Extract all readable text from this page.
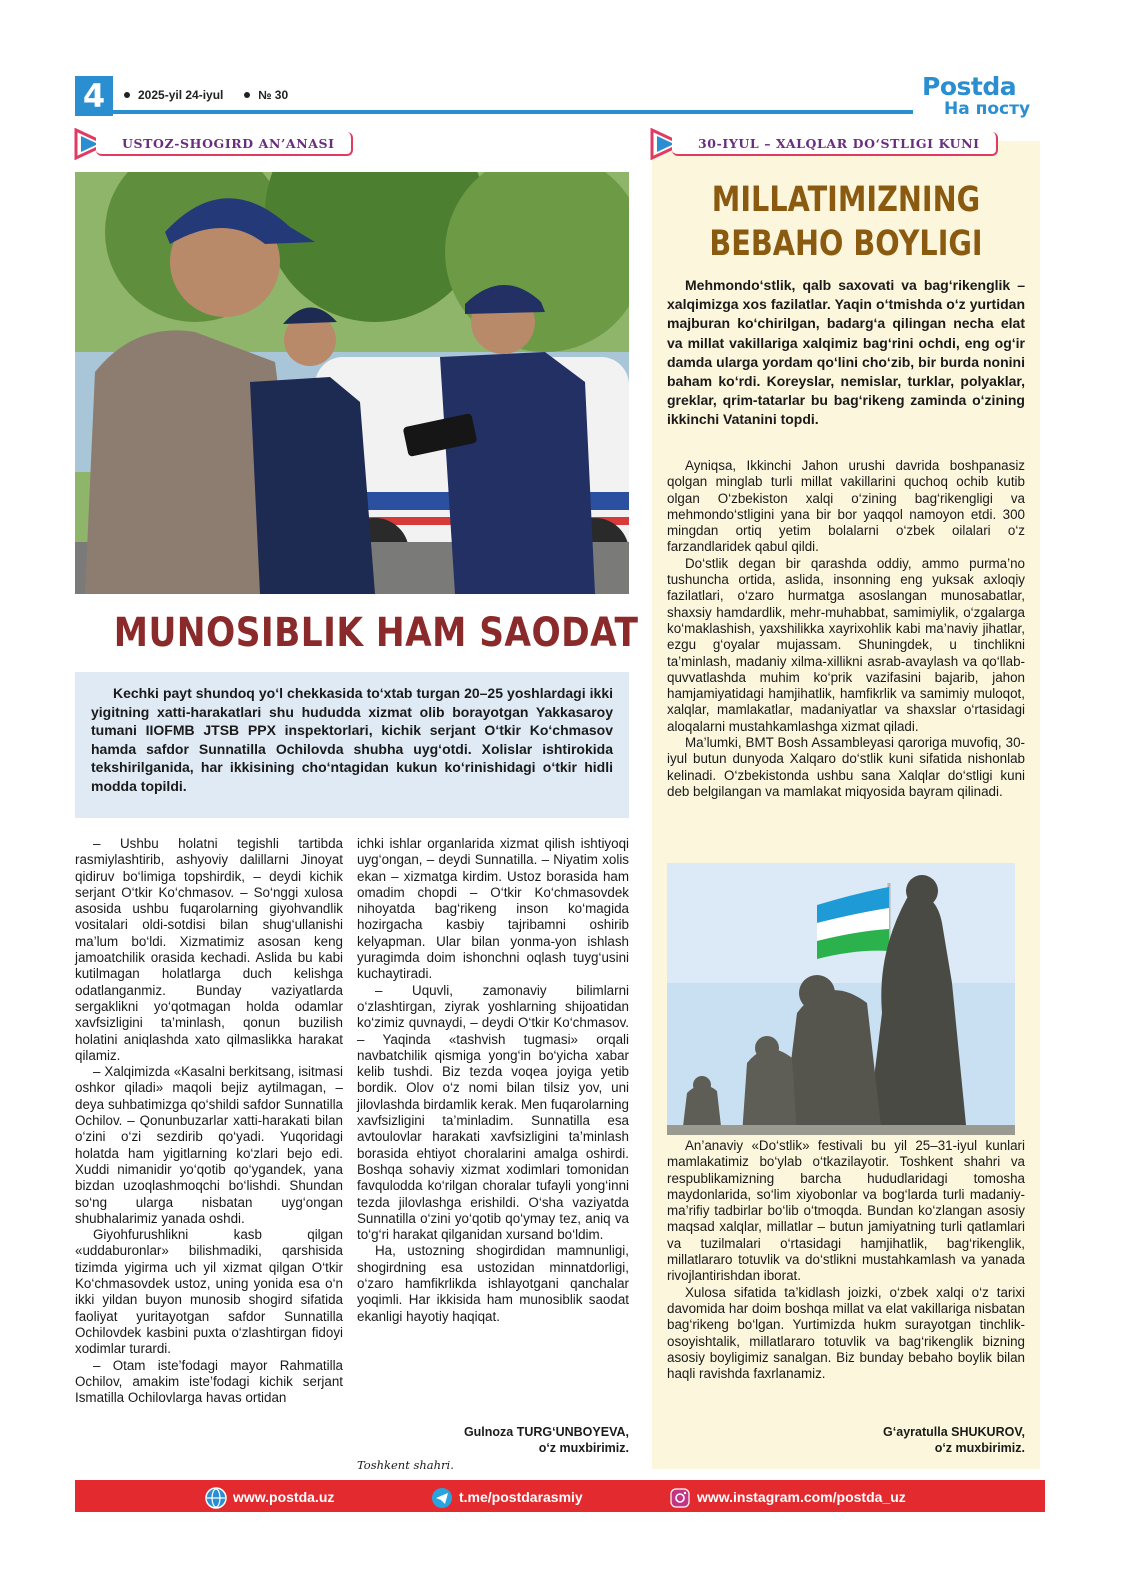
4	2025-yil 24-iyul	№ 30	Postda
На посту
USTOZ-SHOGIRD AN’ANASI
MUNOSIBLIK HAM SAODAT
Kechki payt shundoq yo‘l chekkasida to‘xtab turgan 20–25 yoshlardagi ikki yigitning xatti-harakatlari shu hududda xizmat olib borayotgan Yakkasaroy tumani IIOFMB JTSB PPX inspektorlari, kichik serjant O‘tkir Ko‘chmasov hamda safdor Sunnatilla Ochilovda shubha uyg‘otdi. Xolislar ishtirokida tekshirilganida, har ikkisining cho‘ntagidan kukun ko‘rinishidagi o‘tkir hidli modda topildi.

– Ushbu holatni tegishli tartibda rasmiylashtirib, ashyoviy dalillarni Jinoyat qidiruv bo‘limiga topshirdik, – deydi kichik serjant O‘tkir Ko‘chmasov. – So‘nggi xulosa asosida ushbu fuqarolarning giyohvandlik vositalari oldi-sotdisi bilan shug‘ullanishi ma’lum bo‘ldi. Xizmatimiz asosan keng jamoatchilik orasida kechadi. Aslida bu kabi kutilmagan holatlarga duch kelishga odatlanganmiz. Bunday vaziyatlarda sergaklikni yo‘qotmagan holda odamlar xavfsizligini ta’minlash, qonun buzilish holatini aniqlashda xato qilmaslikka harakat qilamiz.

– Xalqimizda «Kasalni berkitsang, isitmasi oshkor qiladi» maqoli bejiz aytilmagan, – deya suhbatimizga qo‘shildi safdor Sunnatilla Ochilov. – Qonunbuzarlar xatti-harakati bilan o‘zini o‘zi sezdirib qo‘yadi. Yuqoridagi holatda ham yigitlarning ko‘zlari bejo edi. Xuddi nimanidir yo‘qotib qo‘ygandek, yana bizdan uzoqlashmoqchi bo‘lishdi. Shundan so‘ng ularga nisbatan uyg‘ongan shubhalarimiz yanada oshdi.

Giyohfurushlikni kasb qilgan «uddaburonlar» bilishmadiki, qarshisida tizimda yigirma uch yil xizmat qilgan O‘tkir Ko‘chmasovdek ustoz, uning yonida esa o‘n ikki yildan buyon munosib shogird sifatida faoliyat yuritayotgan safdor Sunnatilla Ochilovdek kasbini puxta o‘zlashtirgan fidoyi xodimlar turardi.

– Otam iste’fodagi mayor Rahmatilla Ochilov, amakim iste’fodagi kichik serjant Ismatilla Ochilovlarga havas ortidan

ichki ishlar organlarida xizmat qilish ishtiyoqi uyg‘ongan, – deydi Sunnatilla. – Niyatim xolis ekan – xizmatga kirdim. Ustoz borasida ham omadim chopdi – O‘tkir Ko‘chmasovdek nihoyatda bag‘rikeng inson ko‘magida hozirgacha kasbiy tajribamni oshirib kelyapman. Ular bilan yonma-yon ishlash yuragimda doim ishonchni oqlash tuyg‘usini kuchaytiradi.

– Uquvli, zamonaviy bilimlarni o‘zlashtirgan, ziyrak yoshlarning shijoatidan ko‘zimiz quvnaydi, – deydi O‘tkir Ko‘chmasov. – Yaqinda «tashvish tugmasi» orqali navbatchilik qismiga yong‘in bo‘yicha xabar kelib tushdi. Biz tezda voqea joyiga yetib bordik. Olov o‘z nomi bilan tilsiz yov, uni jilovlashda birdamlik kerak. Men fuqarolarning xavfsizligini ta’minladim. Sunnatilla esa avtoulovlar harakati xavfsizligini ta’minlash borasida ehtiyot choralarini amalga oshirdi. Boshqa sohaviy xizmat xodimlari tomonidan favqulodda ko‘rilgan choralar tufayli yong‘inni tezda jilovlashga erishildi. O‘sha vaziyatda Sunnatilla o‘zini yo‘qotib qo‘ymay tez, aniq va to‘g‘ri harakat qilganidan xursand bo‘ldim.

Ha, ustozning shogirdidan mamnunligi, shogirdning esa ustozidan minnatdorligi, o‘zaro hamfikrlikda ishlayotgani qanchalar yoqimli. Har ikkisida ham munosiblik saodat ekanligi hayotiy haqiqat.

Gulnoza TURG‘UNBOYEVA,
o‘z muxbirimiz.
Toshkent shahri.
30-IYUL – XALQLAR DO‘STLIGI KUNI
MILLATIMIZNING
BEBAHO BOYLIGI
Mehmondo‘stlik, qalb saxovati va bag‘rikenglik – xalqimizga xos fazilatlar. Yaqin o‘tmishda o‘z yurtidan majburan ko‘chirilgan, badarg‘a qilingan necha elat va millat vakillariga xalqimiz bag‘rini ochdi, eng og‘ir damda ularga yordam qo‘lini cho‘zib, bir burda nonini baham ko‘rdi. Koreyslar, nemislar, turklar, polyaklar, greklar, qrim-tatarlar bu bag‘rikeng zaminda o‘zining ikkinchi Vatanini topdi.

Ayniqsa, Ikkinchi Jahon urushi davrida boshpanasiz qolgan minglab turli millat vakillarini quchoq ochib kutib olgan O‘zbekiston xalqi o‘zining bag‘rikengligi va mehmondo‘stligini yana bir bor yaqqol namoyon etdi. 300 mingdan ortiq yetim bolalarni o‘zbek oilalari o‘z farzandlaridek qabul qildi.

Do‘stlik degan bir qarashda oddiy, ammo purma’no tushuncha ortida, aslida, insonning eng yuksak axloqiy fazilatlari, o‘zaro hurmatga asoslangan munosabatlar, shaxsiy hamdardlik, mehr-muhabbat, samimiylik, o‘zgalarga ko‘maklashish, yaxshilikka xayrixohlik kabi ma’naviy jihatlar, ezgu g‘oyalar mujassam. Shuningdek, u tinchlikni ta’minlash, madaniy xilma-xillikni asrab-avaylash va qo‘llab-quvvatlashda muhim ko‘prik vazifasini bajarib, jahon hamjamiyatidagi hamjihatlik, hamfikrlik va samimiy muloqot, xalqlar, mamlakatlar, madaniyatlar va shaxslar o‘rtasidagi aloqalarni mustahkamlashga xizmat qiladi.

Ma’lumki, BMT Bosh Assambleyasi qaroriga muvofiq, 30-iyul butun dunyoda Xalqaro do‘stlik kuni sifatida nishonlab kelinadi. O‘zbekistonda ushbu sana Xalqlar do‘stligi kuni deb belgilangan va mamlakat miqyosida bayram qilinadi.

An’anaviy «Do‘stlik» festivali bu yil 25–31-iyul kunlari mamlakatimiz bo‘ylab o‘tkazilayotir. Toshkent shahri va respublikamizning barcha hududlaridagi tomosha maydonlarida, so‘lim xiyobonlar va bog‘larda turli madaniy-ma’rifiy tadbirlar bo‘lib o‘tmoqda. Bundan ko‘zlangan asosiy maqsad xalqlar, millatlar – butun jamiyatning turli qatlamlari va tuzilmalari o‘rtasidagi hamjihatlik, bag‘rikenglik, millatlararo totuvlik va do‘stlikni mustahkamlash va yanada rivojlantirishdan iborat.

Xulosa sifatida ta’kidlash joizki, o‘zbek xalqi o‘z tarixi davomida har doim boshqa millat va elat vakillariga nisbatan bag‘rikeng bo‘lgan. Yurtimizda hukm surayotgan tinchlik-osoyishtalik, millatlararo totuvlik va bag‘rikenglik bizning asosiy boyligimiz sanalgan. Biz bunday bebaho boylik bilan haqli ravishda faxrlanamiz.

G‘ayratulla SHUKUROV,
o‘z muxbirimiz.
www.postda.uz	t.me/postdarasmiy	www.instagram.com/postda_uz
